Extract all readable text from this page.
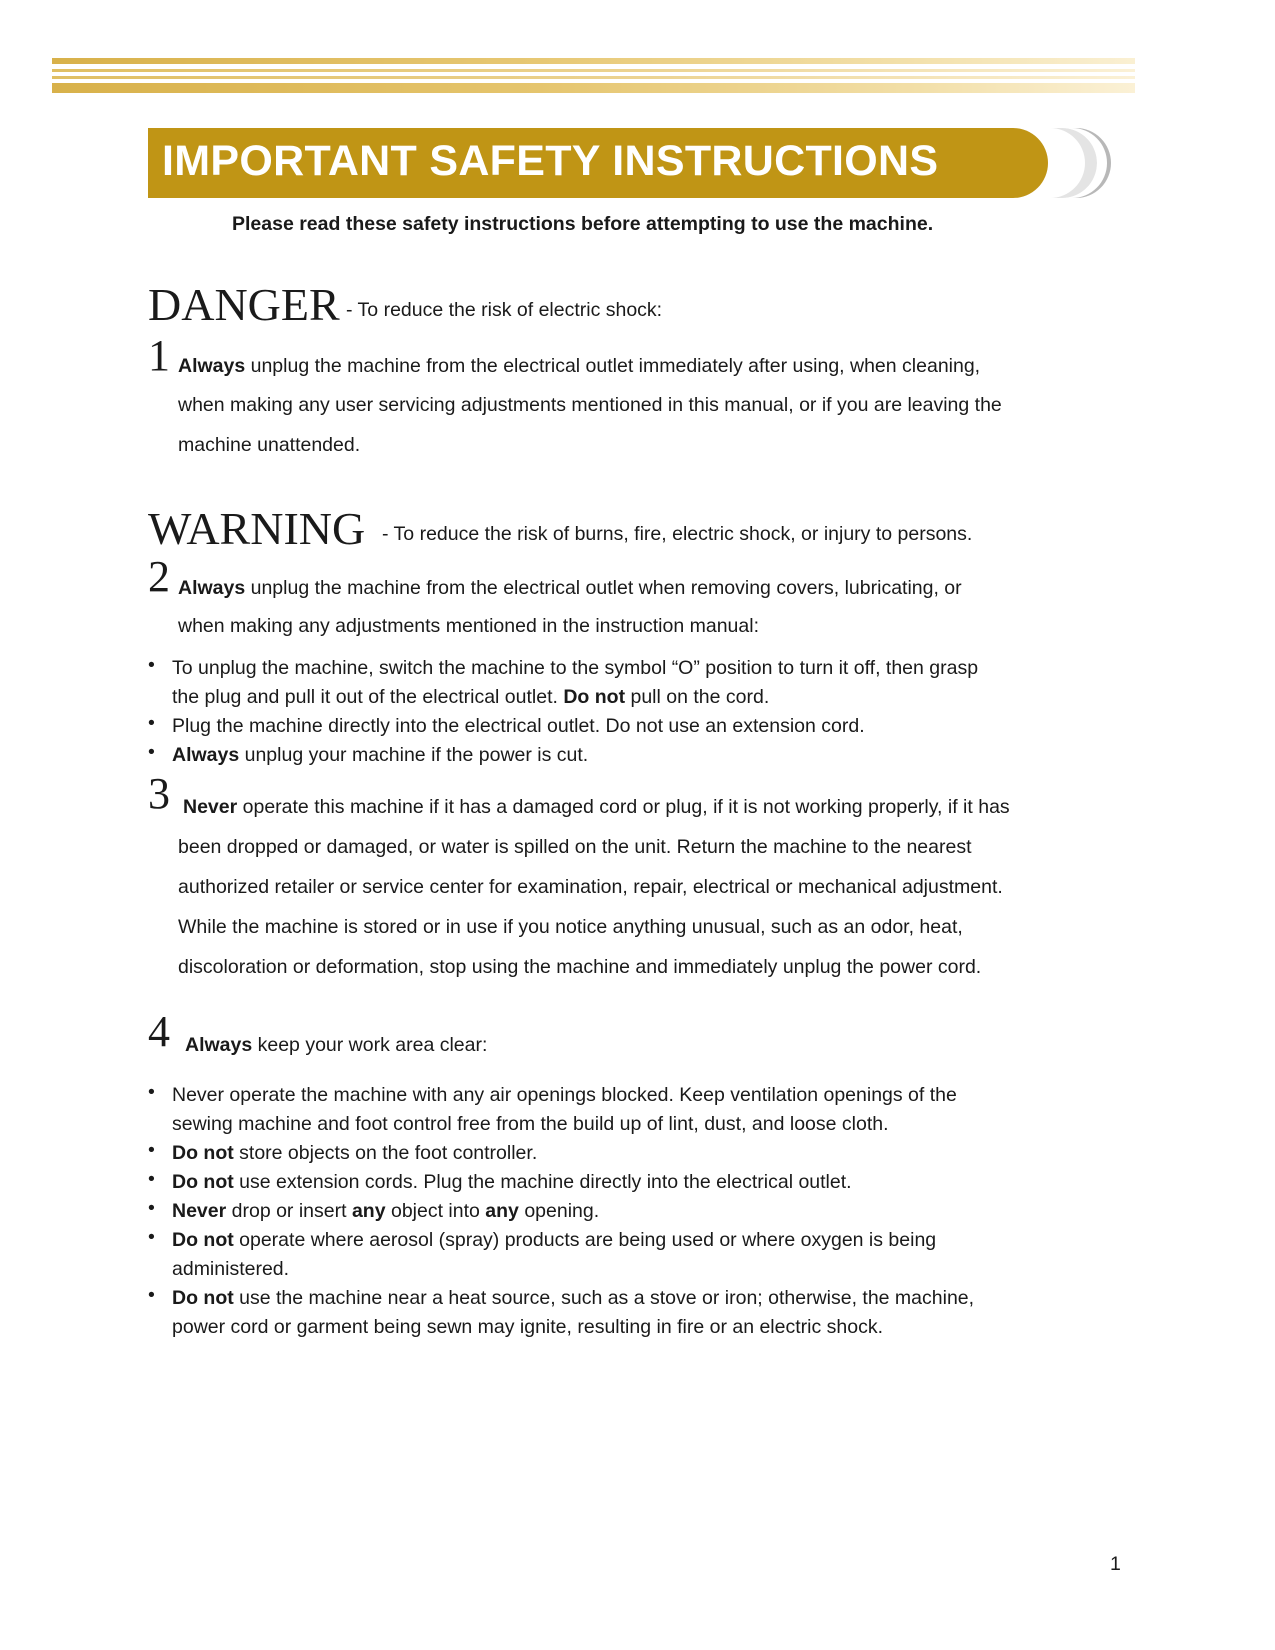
IMPORTANT SAFETY INSTRUCTIONS
Please read these safety instructions before attempting to use the machine.
DANGER - To reduce the risk of electric shock:
1 Always unplug the machine from the electrical outlet immediately after using, when cleaning,
when making any user servicing adjustments mentioned in this manual, or if you are leaving the
machine unattended.
WARNING - To reduce the risk of burns, fire, electric shock, or injury to persons.
2 Always unplug the machine from the electrical outlet when removing covers, lubricating, or
when making any adjustments mentioned in the instruction manual:
• To unplug the machine, switch the machine to the symbol “O” position to turn it off, then grasp
the plug and pull it out of the electrical outlet. Do not pull on the cord.
• Plug the machine directly into the electrical outlet. Do not use an extension cord.
• Always unplug your machine if the power is cut.
3 Never operate this machine if it has a damaged cord or plug, if it is not working properly, if it has
been dropped or damaged, or water is spilled on the unit. Return the machine to the nearest
authorized retailer or service center for examination, repair, electrical or mechanical adjustment.
While the machine is stored or in use if you notice anything unusual, such as an odor, heat,
discoloration or deformation, stop using the machine and immediately unplug the power cord.
4 Always keep your work area clear:
• Never operate the machine with any air openings blocked. Keep ventilation openings of the
sewing machine and foot control free from the build up of lint, dust, and loose cloth.
• Do not store objects on the foot controller.
• Do not use extension cords. Plug the machine directly into the electrical outlet.
• Never drop or insert any object into any opening.
• Do not operate where aerosol (spray) products are being used or where oxygen is being
administered.
• Do not use the machine near a heat source, such as a stove or iron; otherwise, the machine,
power cord or garment being sewn may ignite, resulting in fire or an electric shock.
1
